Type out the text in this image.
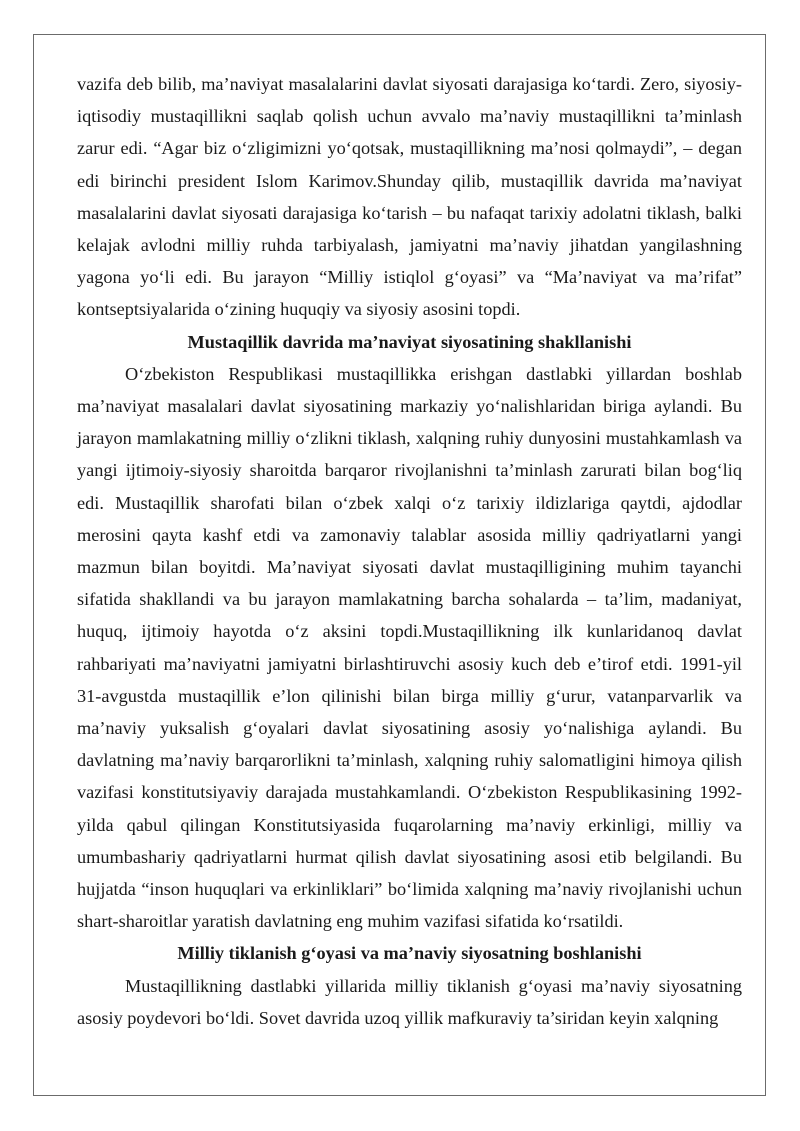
vazifa deb bilib, ma’naviyat masalalarini davlat siyosati darajasiga ko‘tardi. Zero, siyosiy-iqtisodiy mustaqillikni saqlab qolish uchun avvalo ma’naviy mustaqillikni ta’minlash zarur edi. “Agar biz o‘zligimizni yo‘qotsak, mustaqillikning ma’nosi qolmaydi”, – degan edi birinchi president Islom Karimov.Shunday qilib, mustaqillik davrida ma’naviyat masalalarini davlat siyosati darajasiga ko‘tarish – bu nafaqat tarixiy adolatni tiklash, balki kelajak avlodni milliy ruhda tarbiyalash, jamiyatni ma’naviy jihatdan yangilashning yagona yo‘li edi. Bu jarayon “Milliy istiqlol g‘oyasi” va “Ma’naviyat va ma’rifat” kontseptsiyalarida o‘zining huquqiy va siyosiy asosini topdi.

Mustaqillik davrida ma’naviyat siyosatining shakllanishi

O‘zbekiston Respublikasi mustaqillikka erishgan dastlabki yillardan boshlab ma’naviyat masalalari davlat siyosatining markaziy yo‘nalishlaridan biriga aylandi. Bu jarayon mamlakatning milliy o‘zlikni tiklash, xalqning ruhiy dunyosini mustahkamlash va yangi ijtimoiy-siyosiy sharoitda barqaror rivojlanishni ta’minlash zarurati bilan bog‘liq edi. Mustaqillik sharofati bilan o‘zbek xalqi o‘z tarixiy ildizlariga qaytdi, ajdodlar merosini qayta kashf etdi va zamonaviy talablar asosida milliy qadriyatlarni yangi mazmun bilan boyitdi. Ma’naviyat siyosati davlat mustaqilligining muhim tayanchi sifatida shakllandi va bu jarayon mamlakatning barcha sohalarda – ta’lim, madaniyat, huquq, ijtimoiy hayotda o‘z aksini topdi.Mustaqillikning ilk kunlaridanoq davlat rahbariyati ma’naviyatni jamiyatni birlashtiruvchi asosiy kuch deb e’tirof etdi. 1991-yil 31-avgustda mustaqillik e’lon qilinishi bilan birga milliy g‘urur, vatanparvarlik va ma’naviy yuksalish g‘oyalari davlat siyosatining asosiy yo‘nalishiga aylandi. Bu davlatning ma’naviy barqarorlikni ta’minlash, xalqning ruhiy salomatligini himoya qilish vazifasi konstitutsiyaviy darajada mustahkamlandi. O‘zbekiston Respublikasining 1992-yilda qabul qilingan Konstitutsiyasida fuqarolarning ma’naviy erkinligi, milliy va umumbashariy qadriyatlarni hurmat qilish davlat siyosatining asosi etib belgilandi. Bu hujjatda “inson huquqlari va erkinliklari” bo‘limida xalqning ma’naviy rivojlanishi uchun shart-sharoitlar yaratish davlatning eng muhim vazifasi sifatida ko‘rsatildi.

Milliy tiklanish g‘oyasi va ma’naviy siyosatning boshlanishi

Mustaqillikning dastlabki yillarida milliy tiklanish g‘oyasi ma’naviy siyosatning asosiy poydevori bo‘ldi. Sovet davrida uzoq yillik mafkuraviy ta’siridan keyin xalqning
